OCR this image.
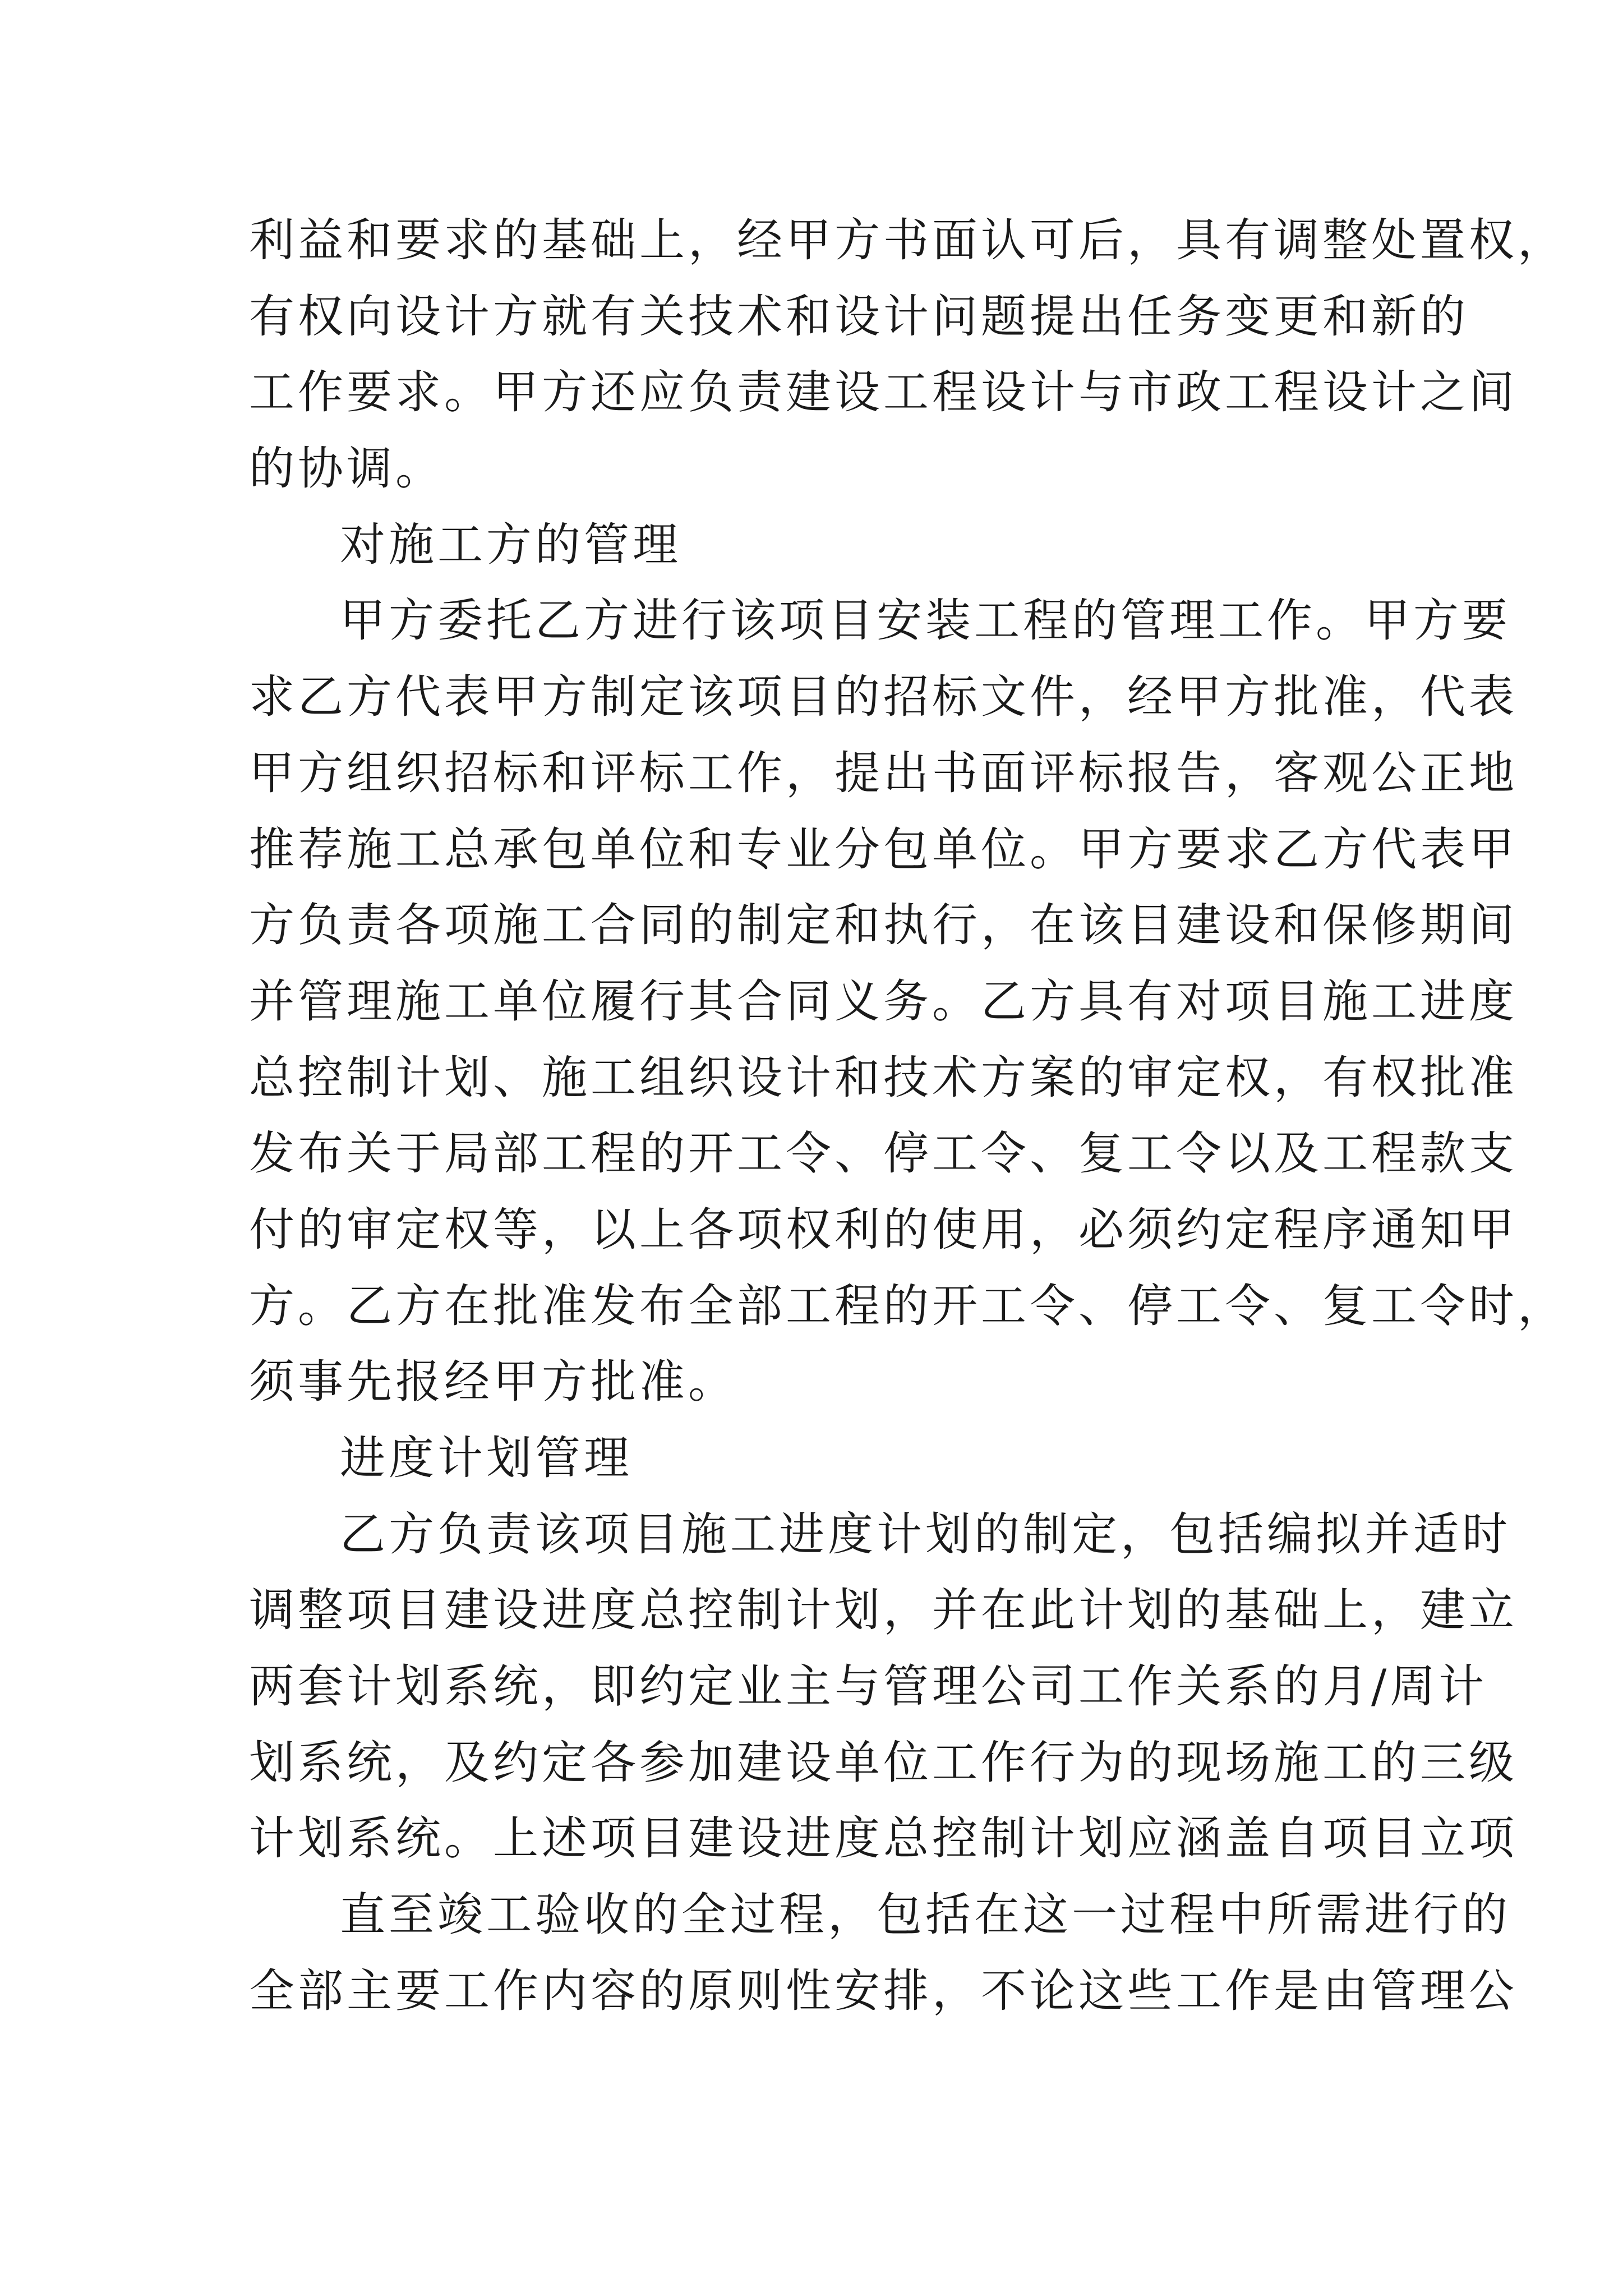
利益和要求的基础上，经甲方书面认可后，具有调整处置权，
有权向设计方就有关技术和设计问题提出任务变更和新的
工作要求。甲方还应负责建设工程设计与市政工程设计之间
的协调。
对施工方的管理
甲方委托乙方进行该项目安装工程的管理工作。甲方要
求乙方代表甲方制定该项目的招标文件，经甲方批准，代表
甲方组织招标和评标工作，提出书面评标报告，客观公正地
推荐施工总承包单位和专业分包单位。甲方要求乙方代表甲
方负责各项施工合同的制定和执行，在该目建设和保修期间
并管理施工单位履行其合同义务。乙方具有对项目施工进度
总控制计划、施工组织设计和技术方案的审定权，有权批准
发布关于局部工程的开工令、停工令、复工令以及工程款支
付的审定权等，以上各项权利的使用，必须约定程序通知甲
方。乙方在批准发布全部工程的开工令、停工令、复工令时，
须事先报经甲方批准。
进度计划管理
乙方负责该项目施工进度计划的制定，包括编拟并适时
调整项目建设进度总控制计划，并在此计划的基础上，建立
两套计划系统，即约定业主与管理公司工作关系的月/周计
划系统，及约定各参加建设单位工作行为的现场施工的三级
计划系统。上述项目建设进度总控制计划应涵盖自项目立项
直至竣工验收的全过程，包括在这一过程中所需进行的
全部主要工作内容的原则性安排，不论这些工作是由管理公
